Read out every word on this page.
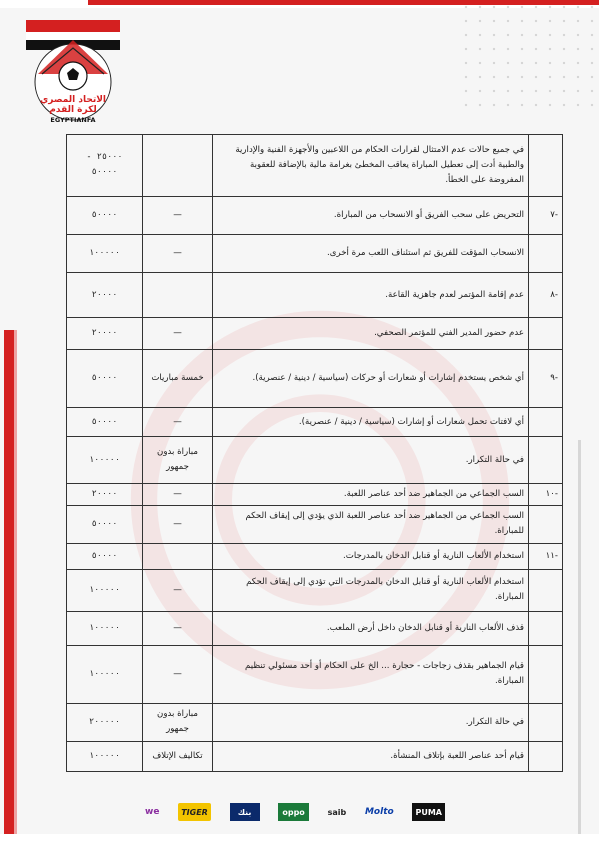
الاتحاد المصري
لكرة القدم
EGYPTIANFA
٢٥٠٠٠ - ٥٠٠٠٠		في جميع حالات عدم الامتثال لقرارات الحكام من اللاعبين والأجهزة الفنية والإدارية والطبية أدت إلى تعطيل المباراة يعاقب المخطئ بغرامة مالية بالإضافة للعقوبة المفروضة على الخطأ.	
٥٠٠٠٠	—	التحريض على سحب الفريق أو الانسحاب من المباراة.	-٧
١٠٠٠٠٠	—	الانسحاب المؤقت للفريق ثم استئناف اللعب مرة أخرى.	
٢٠٠٠٠		عدم إقامة المؤتمر لعدم جاهزية القاعة.	-٨
٢٠٠٠٠	—	عدم حضور المدير الفني للمؤتمر الصحفي.	
٥٠٠٠٠	خمسة مباريات	أي شخص يستخدم إشارات أو شعارات أو حركات (سياسية / دينية / عنصرية).	-٩
٥٠٠٠٠	—	أي لافتات تحمل شعارات أو إشارات (سياسية / دينية / عنصرية).	
١٠٠٠٠٠	مباراة بدون جمهور	في حالة التكرار.	
٢٠٠٠٠	—	السب الجماعي من الجماهير ضد أحد عناصر اللعبة.	-١٠
٥٠٠٠٠	—	السب الجماعي من الجماهير ضد أحد عناصر اللعبة الذي يؤدي إلى إيقاف الحكم للمباراة.	
٥٠٠٠٠		استخدام الألعاب النارية أو قنابل الدخان بالمدرجات.	-١١
١٠٠٠٠٠	—	استخدام الألعاب النارية أو قنابل الدخان بالمدرجات التي تؤدي إلى إيقاف الحكم المباراة.	
١٠٠٠٠٠	—	قذف الألعاب النارية أو قنابل الدخان داخل أرض الملعب.	
١٠٠٠٠٠	—	قيام الجماهير بقذف زجاجات - حجارة ... الخ على الحكام أو أحد مسئولي تنظيم المباراة.	
٢٠٠٠٠٠	مباراة بدون جمهور	في حالة التكرار.	
١٠٠٠٠٠	تكاليف الإتلاف	قيام أحد عناصر اللعبة بإتلاف المنشأة.	
we	TIGER	بنك	oppo	saib Molto	PUMA
